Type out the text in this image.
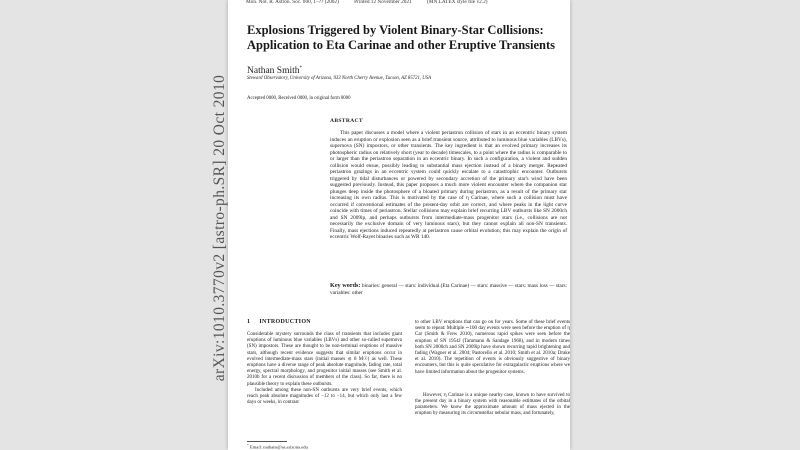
arXiv:1010.3770v2 [astro-ph.SR] 20 Oct 2010
Mon. Not. R. Astron. Soc. 000, 1–?? (2002)	Printed 12 November 2021	(MN LATEX style file v2.2)
Explosions Triggered by Violent Binary-Star Collisions:
Application to Eta Carinae and other Eruptive Transients
Nathan Smith*
Steward Observatory, University of Arizona, 933 North Cherry Avenue, Tucson, AZ 85721, USA
Accepted 0000, Received 0000, in original form 0000
ABSTRACT
This paper discusses a model where a violent periastron collision of stars in an eccentric binary system induces an eruption or explosion seen as a brief transient source, attributed to luminous blue variables (LBVs), supernova (SN) impostors, or other transients. The key ingredient is that an evolved primary increases its photospheric radius on relatively short (year to decade) timescales, to a point where the radius is comparable to or larger than the periastron separation in an eccentric binary. In such a configuration, a violent and sudden collision would ensue, possibly leading to substantial mass ejection instead of a binary merger. Repeated periastron grazings in an eccentric system could quickly escalate to a catastrophic encounter. Outbursts triggered by tidal disturbances or powered by secondary accretion of the primary star's wind have been suggested previously. Instead, this paper proposes a much more violent encounter where the companion star plunges deep inside the photosphere of a bloated primary during periastron, as a result of the primary star increasing its own radius. This is motivated by the case of η Carinae, where such a collision must have occurred if conventional estimates of the present-day orbit are correct, and where peaks in the light curve coincide with times of periastron. Stellar collisions may explain brief recurring LBV outbursts like SN 2000ch and SN 2009ip, and perhaps outbursts from intermediate-mass progenitor stars (i.e., collisions are not necessarily the exclusive domain of very luminous stars), but they cannot explain all non-SN transients. Finally, mass ejections induced repeatedly at periastron cause orbital evolution; this may explain the origin of eccentric Wolf-Rayet binaries such as WR 140.
Key words: binaries: general — stars: individual (Eta Carinae) — stars: massive — stars: mass loss — stars: variables: other
1 INTRODUCTION

Considerable mystery surrounds the class of transients that includes giant eruptions of luminous blue variables (LBVs) and other so-called supernova (SN) impostors. These are thought to be non-terminal eruptions of massive stars, although recent evidence suggests that similar eruptions occur in evolved intermediate-mass stars (initial masses ≲ 8 M☉) as well. These eruptions have a diverse range of peak absolute magnitude, fading rate, total energy, spectral morphology, and progenitor initial masses (see Smith et al. 2010b for a recent discussion of members of the class). So far, there is no plausible theory to explain these outbursts.

Included among these non-SN outbursts are very brief events, which reach peak absolute magnitudes of −12 to −14, but which only last a few days or weeks, in contrast

to other LBV eruptions that can go on for years. Some of these brief events seem to repeat: Multiple ∼100 day events were seen before the eruption of η Car (Smith & Frew 2010), numerous rapid spikes were seen before the eruption of SN 1954J (Tammann & Sandage 1968), and in modern times both SN 2000ch and SN 2009ip have shown recurring rapid brightening and fading (Wagner et al. 2004; Pastorello et al. 2010; Smith et al. 2010a; Drake et al. 2010). The repetition of events is obviously suggestive of binary encounters, but this is quite speculative for extragalactic eruptions where we have limited information about the progenitor systems.

However, η Carinae is a unique nearby case, known to have survived to the present day in a binary system with reasonable estimates of the orbital parameters. We know the approximate amount of mass ejected in the eruption by measuring its circumstellar nebular mass, and fortunately,

* Email: nathans@as.arizona.edu
